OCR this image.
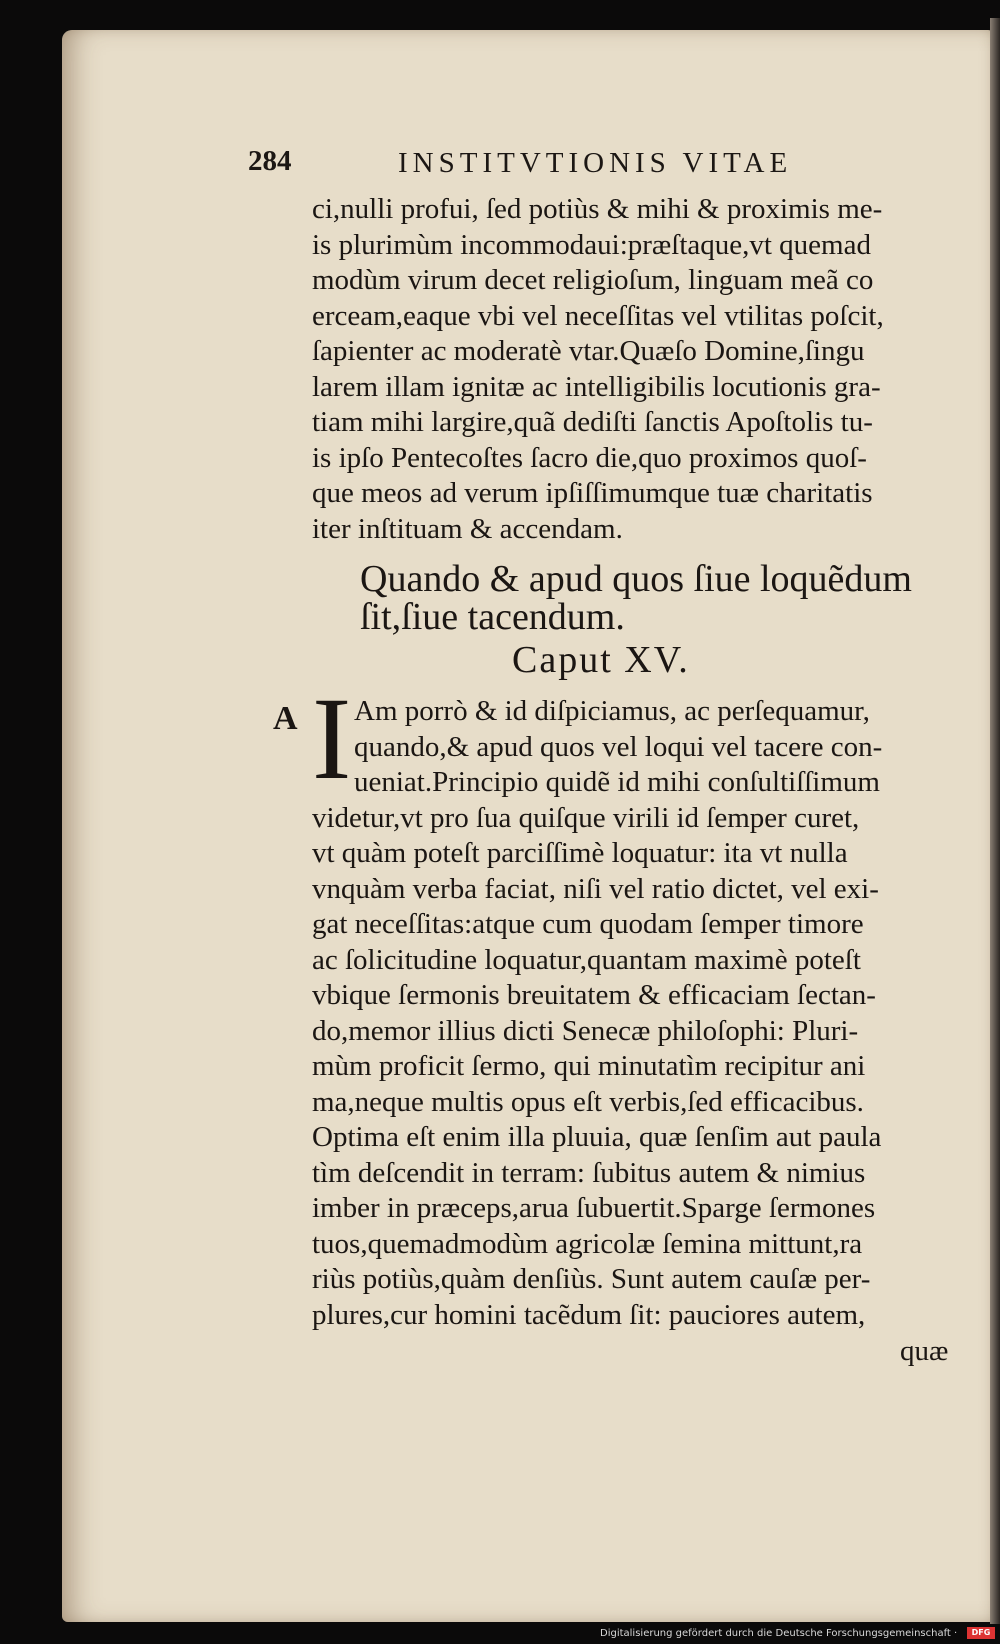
284	INSTITVTIONIS VITAE
ci,nulli profui, ſed potiùs & mihi & proximis me-
is plurimùm incommodaui:præſtaque,vt quemad
modùm virum decet religioſum, linguam meã co
erceam,eaque vbi vel neceſſitas vel vtilitas poſcit,
ſapienter ac moderatè vtar.Quæſo Domine,ſingu
larem illam ignitæ ac intelligibilis locutionis gra-
tiam mihi largire,quã dediſti ſanctis Apoſtolis tu-
is ipſo Pentecoſtes ſacro die,quo proximos quoſ-
que meos ad verum ipſiſſimumque tuæ charitatis
iter inſtituam & accendam.
Quando & apud quos ſiue loquẽdum
ſit,ſiue tacendum.
Caput XV.
A I Am porrò & id diſpiciamus, ac perſequamur,
quando,& apud quos vel loqui vel tacere con-
ueniat.Principio quidẽ id mihi conſultiſſimum
videtur,vt pro ſua quiſque virili id ſemper curet,
vt quàm poteſt parciſſimè loquatur: ita vt nulla
vnquàm verba faciat, niſi vel ratio dictet, vel exi-
gat neceſſitas:atque cum quodam ſemper timore
ac ſolicitudine loquatur,quantam maximè poteſt
vbique ſermonis breuitatem & efficaciam ſectan-
do,memor illius dicti Senecæ philoſophi: Pluri-
mùm proficit ſermo, qui minutatìm recipitur ani
ma,neque multis opus eſt verbis,ſed efficacibus.
Optima eſt enim illa pluuia, quæ ſenſim aut paula
tìm deſcendit in terram: ſubitus autem & nimius
imber in præceps,arua ſubuertit.Sparge ſermones
tuos,quemadmodùm agricolæ ſemina mittunt,ra
riùs potiùs,quàm denſiùs. Sunt autem cauſæ per-
plures,cur homini tacẽdum ſit: pauciores autem,
quæ
Digitalisierung gefördert durch die Deutsche Forschungsgemeinschaft ·	DFG
